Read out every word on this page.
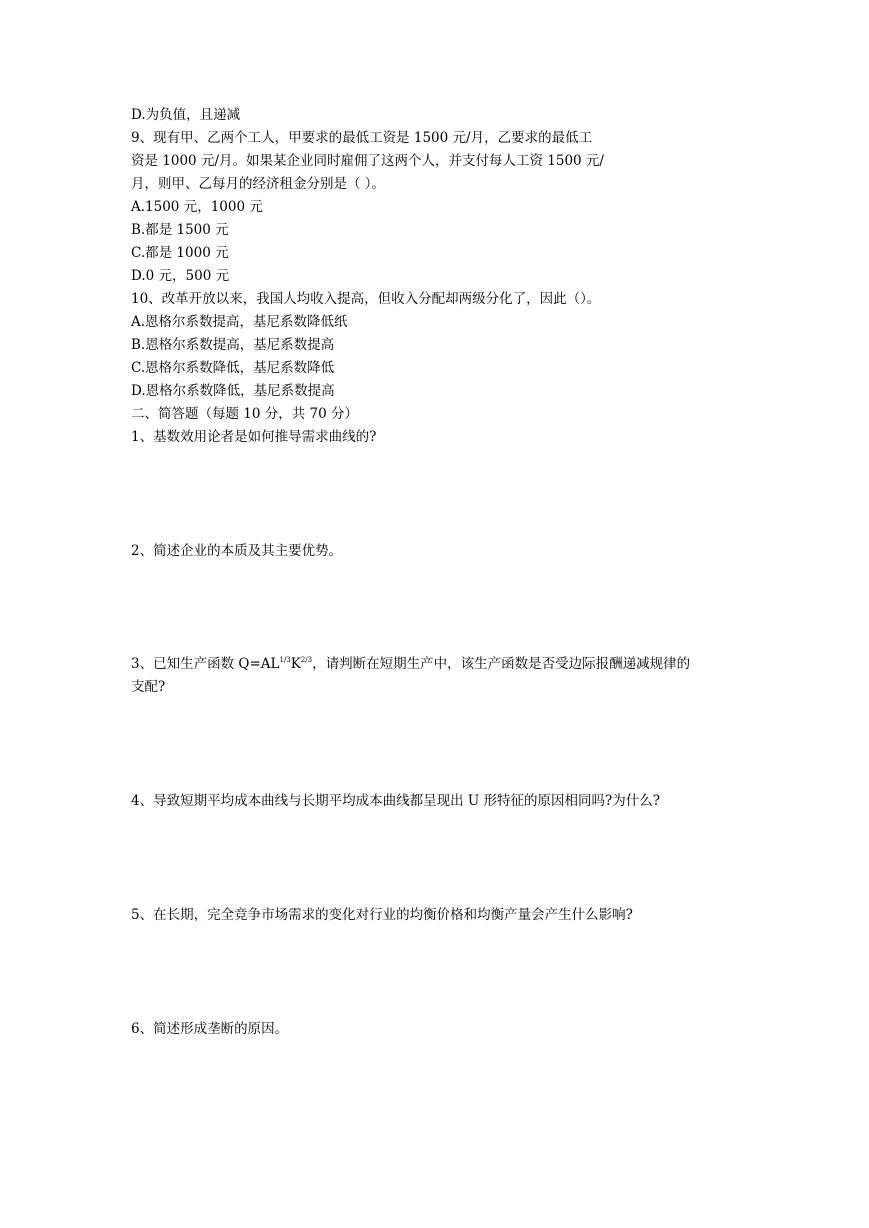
D.为负值，且递减
9、现有甲、乙两个工人，甲要求的最低工资是 1500 元/月，乙要求的最低工
资是 1000 元/月。如果某企业同时雇佣了这两个人，并支付每人工资 1500 元/
月，则甲、乙每月的经济租金分别是（ ）。
A.1500 元，1000 元
B.都是 1500 元
C.都是 1000 元
D.0 元，500 元
10、改革开放以来，我国人均收入提高，但收入分配却两级分化了，因此（）。
A.恩格尔系数提高，基尼系数降低纸
B.恩格尔系数提高，基尼系数提高
C.恩格尔系数降低，基尼系数降低
D.恩格尔系数降低，基尼系数提高
二、简答题（每题 10 分，共 70 分）
1、基数效用论者是如何推导需求曲线的?
2、简述企业的本质及其主要优势。
3、已知生产函数 $Q=AL^{1/3}K^{2/3}$，请判断在短期生产中，该生产函数是否受边际报酬递减规律的
支配?
4、导致短期平均成本曲线与长期平均成本曲线都呈现出 U 形特征的原因相同吗?为什么?
5、在长期，完全竞争市场需求的变化对行业的均衡价格和均衡产量会产生什么影响?
6、简述形成垄断的原因。
